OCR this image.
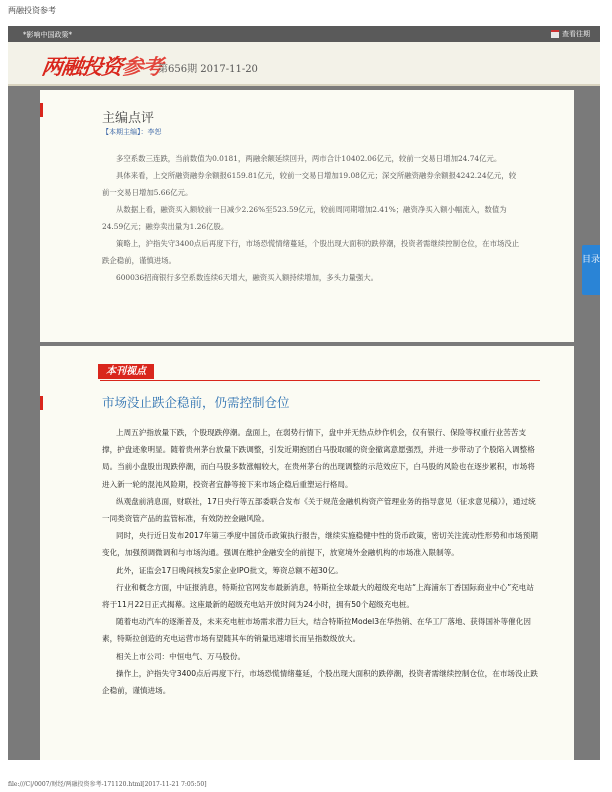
两融投资参考
*影响中国政策*	查看往期
两融投资参考
第656期 2017-11-20
主编点评
【本期主编】：李恕

多空系数三连跌，当前数值为0.0181，两融余额延续回升，两市合计10402.06亿元，较前一交易日增加24.74亿元。

具体来看，上交所融资融券余额报6159.81亿元，较前一交易日增加19.08亿元；深交所融资融券余额报4242.24亿元，较前一交易日增加5.66亿元。

从数据上看，融资买入额较前一日减少2.26%至523.59亿元，较前周同期增加2.41%；融资净买入额小幅流入，数值为24.59亿元；融券卖出量为1.26亿股。

策略上，沪指失守3400点后再度下行，市场恐慌情绪蔓延，个股出现大面积的跌停潮，投资者需继续控制仓位，在市场没止跌企稳前，谨慎进场。

600036招商银行多空系数连续6天增大，融资买入额持续增加，多头力量强大。

本刊视点
市场没止跌企稳前，仍需控制仓位

上周五沪指放量下跌，个股现跌停潮。盘面上，在弱势行情下，盘中并无热点炒作机会，仅有银行、保险等权重行业苦苦支撑，护盘迹象明显。随着贵州茅台放量下跌调整，引发近期抱团白马股取暖的资金撤离意愿强烈，并进一步带动了个股陷入调整格局。当前小盘股出现跌停潮，而白马股多数涨幅较大，在贵州茅台的出现调整的示范效应下，白马股的风险也在逐步累积，市场将进入新一轮的混沌风险期，投资者宜静等接下来市场企稳后重塑运行格局。

纵观盘前消息面，财联社，17日央行等五部委联合发布《关于规范金融机构资产管理业务的指导意见（征求意见稿）》，通过统一同类资管产品的监管标准，有效防控金融风险。

同时，央行近日发布2017年第三季度中国货币政策执行报告，继续实施稳健中性的货币政策，密切关注流动性形势和市场预期变化，加强预调微调和与市场沟通。强调在维护金融安全的前提下，放宽境外金融机构的市场准入限制等。

此外，证监会17日晚间核发5家企业IPO批文，筹资总额不超30亿。

行业和概念方面，中证报消息，特斯拉官网发布最新消息，特斯拉全球最大的超级充电站“上海浦东丁香国际商业中心”充电站将于11月22日正式揭幕。这座最新的超级充电站开放时间为24小时，拥有50个超级充电桩。

随着电动汽车的逐渐普及，未来充电桩市场需求潜力巨大，结合特斯拉Model3在华热销、在华工厂落地、获得国补等催化因素，特斯拉创造的充电运营市场有望随其车的销量迅速增长而呈指数级放大。

相关上市公司：中恒电气、万马股份。

操作上，沪指失守3400点后再度下行，市场恐慌情绪蔓延，个股出现大面积的跌停潮，投资者需继续控制仓位，在市场没止跌企稳前，谨慎进场。

目录
file:///C|/0007/财经/两融投资参考-171120.html[2017-11-21 7:05:50]
